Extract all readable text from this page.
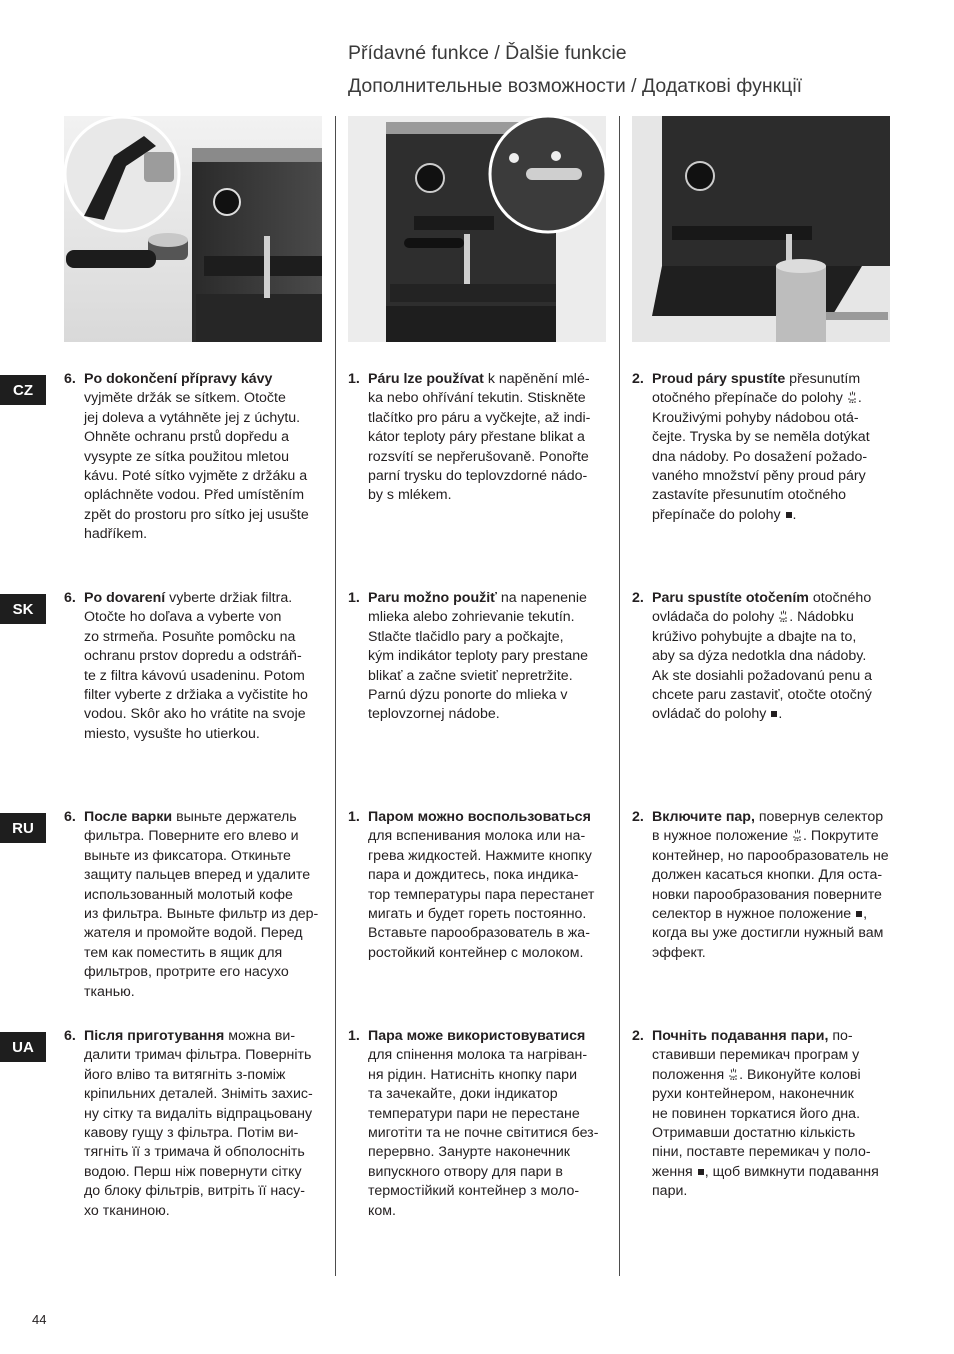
Přídavné funkce / Ďalšie funkcie
Дополнительные возможности / Додаткові функції
CZ
SK
RU
UA
6. Po dokončení přípravy kávy
vyjměte držák se sítkem. Otočte
jej doleva a vytáhněte jej z úchytu.
Ohněte ochranu prstů dopředu a
vysypte ze sítka použitou mletou
kávu. Poté sítko vyjměte z držáku a
opláchněte vodou. Před umístěním
zpět do prostoru pro sítko jej usušte
hadříkem.
1. Páru lze používat k napěnění mlé-
ka nebo ohřívání tekutin. Stiskněte
tlačítko pro páru a vyčkejte, až indi-
kátor teploty páry přestane blikat a
rozsvítí se nepřerušovaně. Ponořte
parní trysku do teplovzdorné nádo-
by s mlékem.
2. Proud páry spustíte přesunutím
otočného přepínače do polohy .
Krouživými pohyby nádobou otá-
čejte. Tryska by se neměla dotýkat
dna nádoby. Po dosažení požado-
vaného množství pěny proud páry
zastavíte přesunutím otočného
přepínače do polohy .
6. Po dovarení vyberte držiak filtra.
Otočte ho doľava a vyberte von
zo strmeňa. Posuňte pomôcku na
ochranu prstov dopredu a odstráň-
te z filtra kávovú usadeninu. Potom
filter vyberte z držiaka a vyčistite ho
vodou. Skôr ako ho vrátite na svoje
miesto, vysušte ho utierkou.
1. Paru možno použiť na napenenie
mlieka alebo zohrievanie tekutín.
Stlačte tlačidlo pary a počkajte,
kým indikátor teploty pary prestane
blikať a začne svietiť nepretržite.
Parnú dýzu ponorte do mlieka v
teplovzornej nádobe.
2. Paru spustíte otočením otočného
ovládača do polohy . Nádobku
krúživo pohybujte a dbajte na to,
aby sa dýza nedotkla dna nádoby.
Ak ste dosiahli požadovanú penu a
chcete paru zastaviť, otočte otočný
ovládač do polohy .
6. После варки выньте держатель
фильтра. Поверните его влево и
выньте из фиксатора. Откиньте
защиту пальцев вперед и удалите
использованный молотый кофе
из фильтра. Выньте фильтр из дер-
жателя и промойте водой. Перед
тем как поместить в ящик для
фильтров, протрите его насухо
тканью.
1. Паром можно воспользоваться
для вспенивания молока или на-
грева жидкостей. Нажмите кнопку
пара и дождитесь, пока индика-
тор температуры пара перестанет
мигать и будет гореть постоянно.
Вставьте парообразователь в жа-
ростойкий контейнер с молоком.
2. Включите пар, повернув селектор
в нужное положение . Покрутите
контейнер, но парообразователь не
должен касаться кнопки. Для оста-
новки парообразования поверните
селектор в нужное положение ,
когда вы уже достигли нужный вам
эффект.
6. Після приготування можна ви-
далити тримач фільтра. Поверніть
його вліво та витягніть з-поміж
кріпильних деталей. Зніміть захис-
ну сітку та видаліть відпрацьовану
кавову гущу з фільтра. Потім ви-
тягніть її з тримача й обполосніть
водою. Перш ніж повернути сітку
до блоку фільтрів, витріть її насу-
хо тканиною.
1. Пара може використовуватися
для спінення молока та нагріван-
ня рідин. Натисніть кнопку пари
та зачекайте, доки індикатор
температури пари не перестане
миготіти та не почне світитися без-
перервно. Занурте наконечник
випускного отвору для пари в
термостійкий контейнер з моло-
ком.
2. Почніть подавання пари, по-
ставивши перемикач програм у
положення . Виконуйте колові
рухи контейнером, наконечник
не повинен торкатися його дна.
Отримавши достатню кількість
піни, поставте перемикач у поло-
ження , щоб вимкнути подавання
пари.
44
